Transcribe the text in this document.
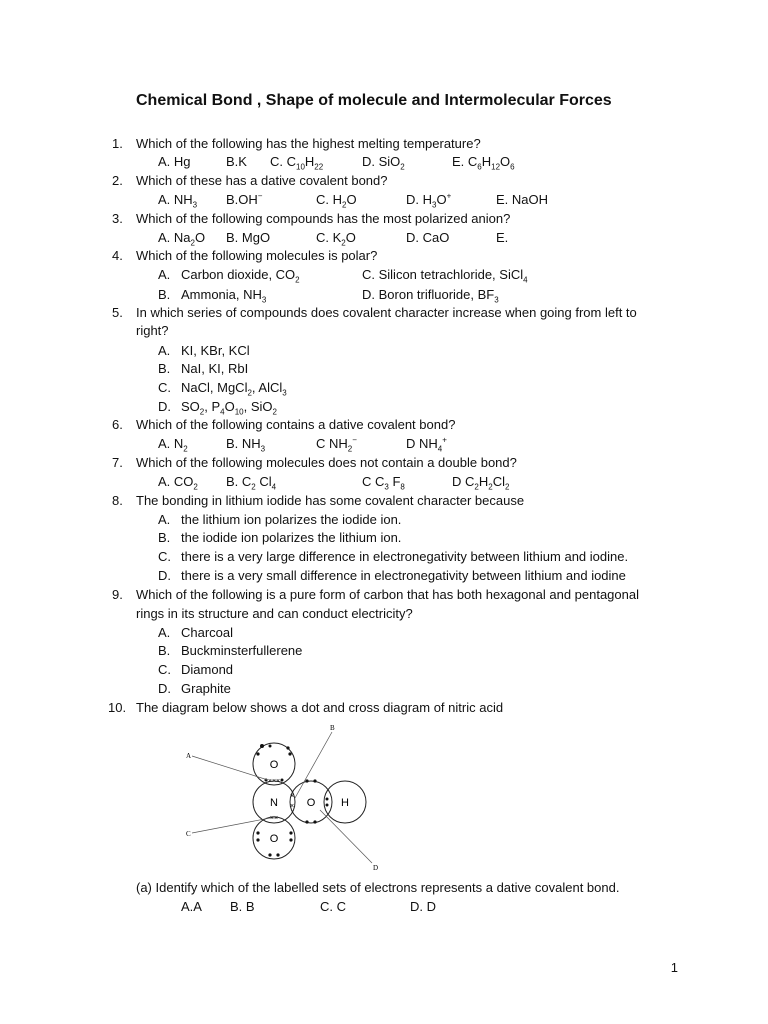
Chemical Bond , Shape of molecule and Intermolecular Forces
1.	Which of the following has the highest melting temperature?
A. Hg	B.K C. $C_{10}H_{22}$	D. SiO$_2$	E. $C_6H_{12}O_6$
2.	Which of these has a dative covalent bond?
A. $NH_3$ B.OH−	C. $H_2O$	D. $H_3O^+$	E. NaOH
3.	Which of the following compounds has the most polarized anion?
A. $Na_2O$ B. MgO	C. $K_2O$	D. CaO	E.
4.	Which of the following molecules is polar?
A. Carbon dioxide, $CO_2$	C. Silicon tetrachloride, SiCl$_4$
B. Ammonia, $NH_3$	D. Boron trifluoride, $BF_3$
5.	In which series of compounds does covalent character increase when going from left to
right?
A. KI, KBr, KCl
B. NaI, KI, RbI
C. NaCl, MgCl$_2$, AlCl$_3$
D. $SO_2$, $P_4O_{10}$, SiO$_2$
6.	Which of the following contains a dative covalent bond?
A. $N_2$	B. $NH_3$	C $NH_2^-$	D $NH_4^+$
7.	Which of the following molecules does not contain a double bond?
A. $CO_2$ B. $C_2$ $Cl_4$	C $C_3$ $F_8$	D $C_2H_2Cl_2$
8.	The bonding in lithium iodide has some covalent character because
A. the lithium ion polarizes the iodide ion.
B. the iodide ion polarizes the lithium ion.
C. there is a very large difference in electronegativity between lithium and iodine.
D. there is a very small difference in electronegativity between lithium and iodine
9.	Which of the following is a pure form of carbon that has both hexagonal and pentagonal
rings in its structure and can conduct electricity?
A. Charcoal
B. Buckminsterfullerene
C. Diamond
D. Graphite
10. The diagram below shows a dot and cross diagram of nitric acid
O
N	O H
O
×××
××
×
×
A
B
C
D
(a) Identify which of the labelled sets of electrons represents a dative covalent bond.
A.A B. B	C. C	D. D
1
